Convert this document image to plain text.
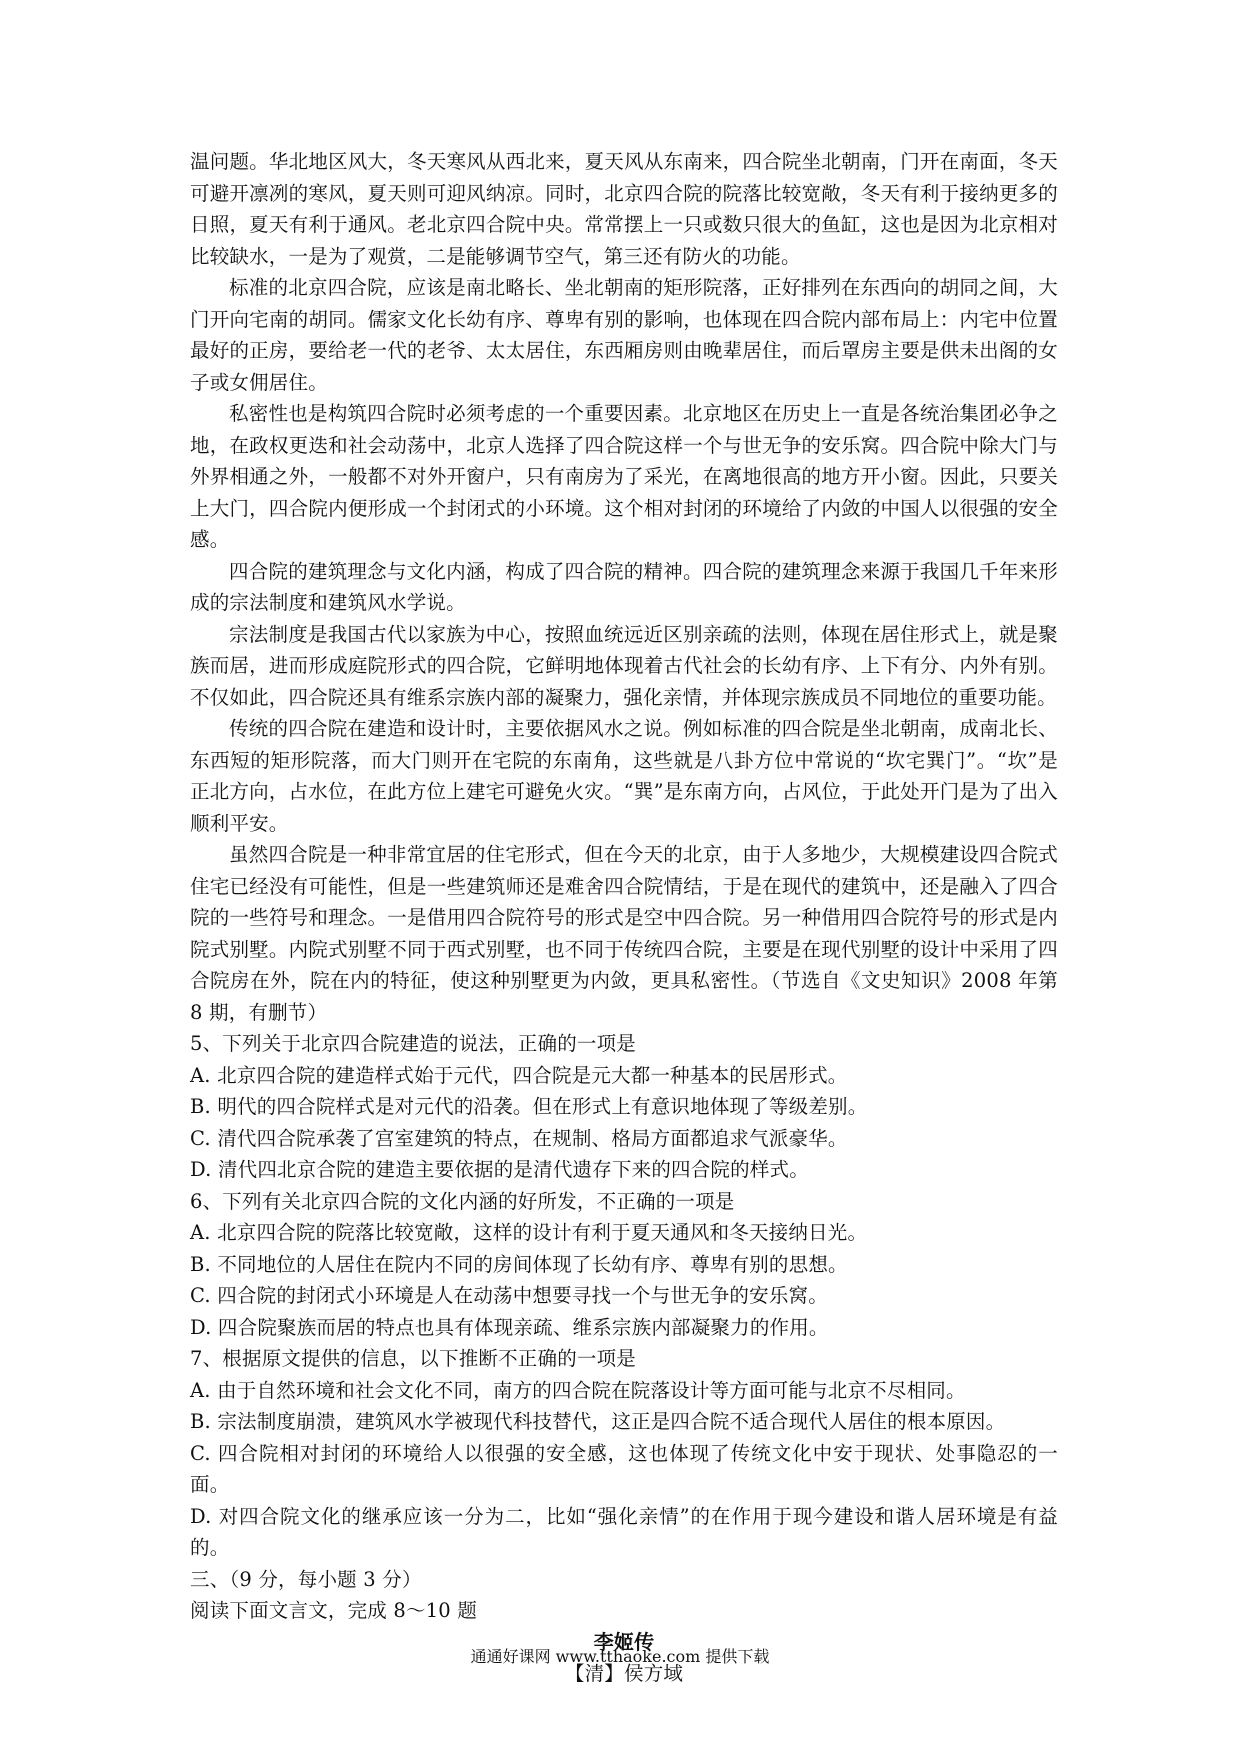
温问题。华北地区风大，冬天寒风从西北来，夏天风从东南来，四合院坐北朝南，门开在南面，冬天可避开凛冽的寒风，夏天则可迎风纳凉。同时，北京四合院的院落比较宽敞，冬天有利于接纳更多的日照，夏天有利于通风。老北京四合院中央。常常摆上一只或数只很大的鱼缸，这也是因为北京相对比较缺水，一是为了观赏，二是能够调节空气，第三还有防火的功能。

标准的北京四合院，应该是南北略长、坐北朝南的矩形院落，正好排列在东西向的胡同之间，大门开向宅南的胡同。儒家文化长幼有序、尊卑有别的影响，也体现在四合院内部布局上：内宅中位置最好的正房，要给老一代的老爷、太太居住，东西厢房则由晚辈居住，而后罩房主要是供未出阁的女子或女佣居住。

私密性也是构筑四合院时必须考虑的一个重要因素。北京地区在历史上一直是各统治集团必争之地，在政权更迭和社会动荡中，北京人选择了四合院这样一个与世无争的安乐窝。四合院中除大门与外界相通之外，一般都不对外开窗户，只有南房为了采光，在离地很高的地方开小窗。因此，只要关上大门，四合院内便形成一个封闭式的小环境。这个相对封闭的环境给了内敛的中国人以很强的安全感。

四合院的建筑理念与文化内涵，构成了四合院的精神。四合院的建筑理念来源于我国几千年来形成的宗法制度和建筑风水学说。

宗法制度是我国古代以家族为中心，按照血统远近区别亲疏的法则，体现在居住形式上，就是聚族而居，进而形成庭院形式的四合院，它鲜明地体现着古代社会的长幼有序、上下有分、内外有别。不仅如此，四合院还具有维系宗族内部的凝聚力，强化亲情，并体现宗族成员不同地位的重要功能。

传统的四合院在建造和设计时，主要依据风水之说。例如标准的四合院是坐北朝南，成南北长、东西短的矩形院落，而大门则开在宅院的东南角，这些就是八卦方位中常说的“坎宅巽门”。“坎”是正北方向，占水位，在此方位上建宅可避免火灾。“巽”是东南方向，占风位，于此处开门是为了出入顺利平安。

虽然四合院是一种非常宜居的住宅形式，但在今天的北京，由于人多地少，大规模建设四合院式住宅已经没有可能性，但是一些建筑师还是难舍四合院情结，于是在现代的建筑中，还是融入了四合院的一些符号和理念。一是借用四合院符号的形式是空中四合院。另一种借用四合院符号的形式是内院式别墅。内院式别墅不同于西式别墅，也不同于传统四合院，主要是在现代别墅的设计中采用了四合院房在外，院在内的特征，使这种别墅更为内敛，更具私密性。（节选自《文史知识》2008 年第 8 期，有删节）

5、下列关于北京四合院建造的说法，正确的一项是

A. 北京四合院的建造样式始于元代，四合院是元大都一种基本的民居形式。

B. 明代的四合院样式是对元代的沿袭。但在形式上有意识地体现了等级差别。

C. 清代四合院承袭了宫室建筑的特点，在规制、格局方面都追求气派豪华。

D. 清代四北京合院的建造主要依据的是清代遗存下来的四合院的样式。

6、下列有关北京四合院的文化内涵的好所发，不正确的一项是

A. 北京四合院的院落比较宽敞，这样的设计有利于夏天通风和冬天接纳日光。

B. 不同地位的人居住在院内不同的房间体现了长幼有序、尊卑有别的思想。

C. 四合院的封闭式小环境是人在动荡中想要寻找一个与世无争的安乐窝。

D. 四合院聚族而居的特点也具有体现亲疏、维系宗族内部凝聚力的作用。

7、根据原文提供的信息，以下推断不正确的一项是

A. 由于自然环境和社会文化不同，南方的四合院在院落设计等方面可能与北京不尽相同。

B. 宗法制度崩溃，建筑风水学被现代科技替代，这正是四合院不适合现代人居住的根本原因。

C. 四合院相对封闭的环境给人以很强的安全感，这也体现了传统文化中安于现状、处事隐忍的一面。

D. 对四合院文化的继承应该一分为二，比如“强化亲情”的在作用于现今建设和谐人居环境是有益的。

三、（9 分，每小题 3 分）

阅读下面文言文，完成 8～10 题

李姬传

【清】侯方域

通通好课网 www.tthaoke.com 提供下载
